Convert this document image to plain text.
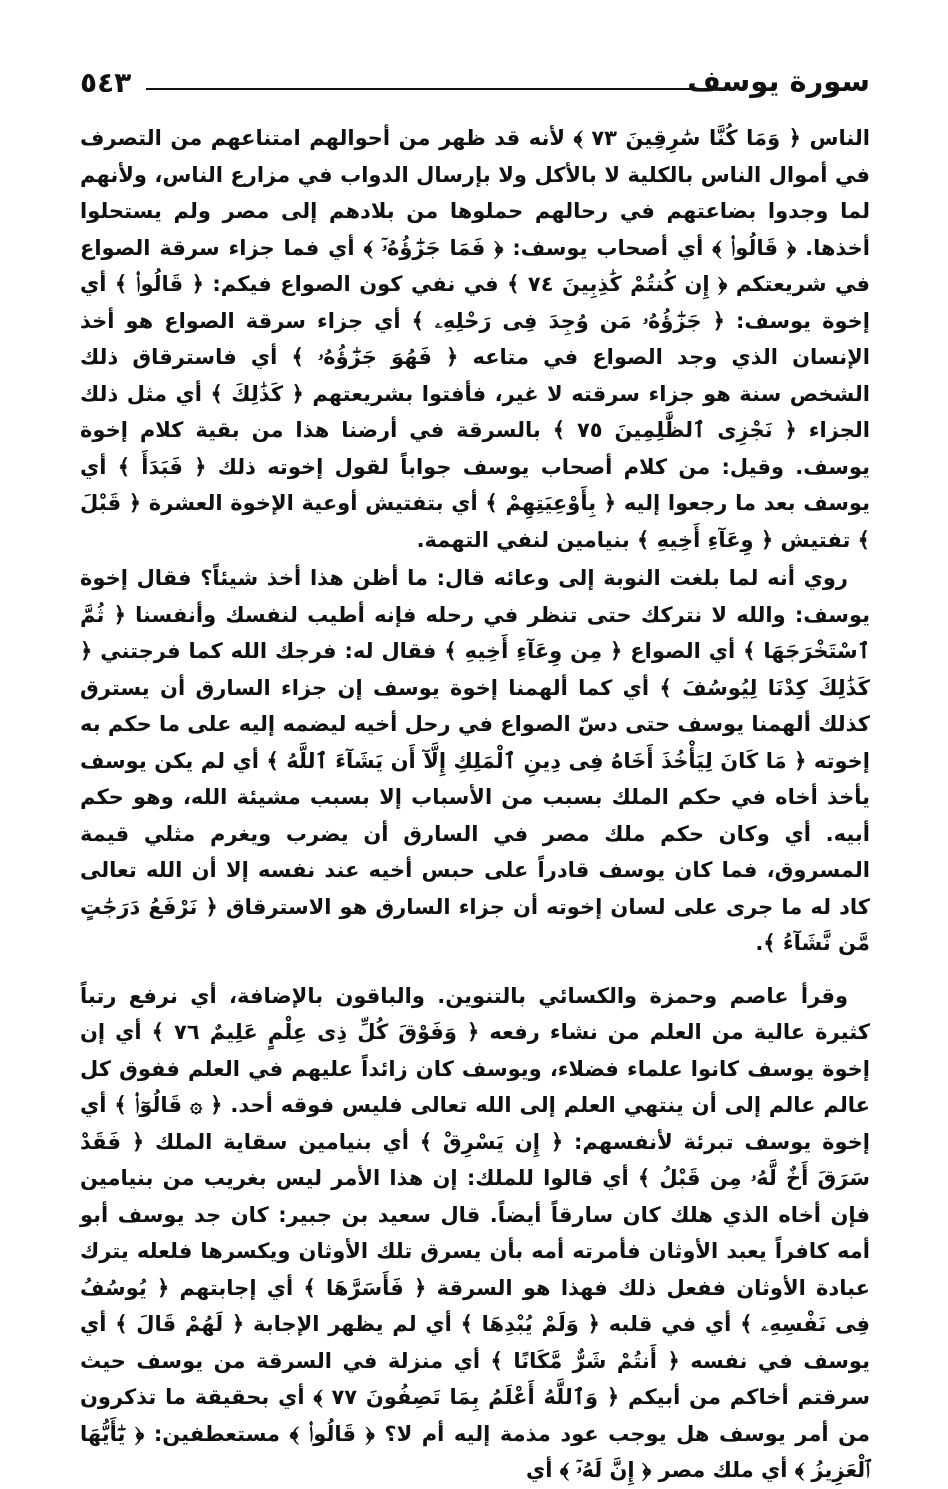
٥٤٣	سورة يوسف

الناس ﴿ وَمَا كُنَّا سَٰرِقِينَ ٧٣ ﴾ لأنه قد ظهر من أحوالهم امتناعهم من التصرف في أموال الناس بالكلية لا بالأكل ولا بإرسال الدواب في مزارع الناس، ولأنهم لما وجدوا بضاعتهم في رحالهم حملوها من بلادهم إلى مصر ولم يستحلوا أخذها. ﴿ قَالُوا۟ ﴾ أي أصحاب يوسف: ﴿ فَمَا جَزَٰٓؤُهُۥٓ ﴾ أي فما جزاء سرقة الصواع في شريعتكم ﴿ إِن كُنتُمْ كَٰذِبِينَ ٧٤ ﴾ في نفي كون الصواع فيكم: ﴿ قَالُوا۟ ﴾ أي إخوة يوسف: ﴿ جَزَٰٓؤُهُۥ مَن وُجِدَ فِى رَحْلِهِۦ ﴾ أي جزاء سرقة الصواع هو أخذ الإنسان الذي وجد الصواع في متاعه ﴿ فَهُوَ جَزَٰٓؤُهُۥ ﴾ أي فاسترقاق ذلك الشخص سنة هو جزاء سرقته لا غير، فأفتوا بشريعتهم ﴿ كَذَٰلِكَ ﴾ أي مثل ذلك الجزاء ﴿ نَجْزِى ٱلظَّٰلِمِينَ ٧٥ ﴾ بالسرقة في أرضنا هذا من بقية كلام إخوة يوسف. وقيل: من كلام أصحاب يوسف جواباً لقول إخوته ذلك ﴿ فَبَدَأَ ﴾ أي يوسف بعد ما رجعوا إليه ﴿ بِأَوْعِيَتِهِمْ ﴾ أي بتفتيش أوعية الإخوة العشرة ﴿ قَبْلَ ﴾ تفتيش ﴿ وِعَآءِ أَخِيهِ ﴾ بنيامين لنفي التهمة.

روي أنه لما بلغت النوبة إلى وعائه قال: ما أظن هذا أخذ شيئاً؟ فقال إخوة يوسف: والله لا نتركك حتى تنظر في رحله فإنه أطيب لنفسك وأنفسنا ﴿ ثُمَّ ٱسْتَخْرَجَهَا ﴾ أي الصواع ﴿ مِن وِعَآءِ أَخِيهِ ﴾ فقال له: فرجك الله كما فرجتني ﴿ كَذَٰلِكَ كِدْنَا لِيُوسُفَ ﴾ أي كما ألهمنا إخوة يوسف إن جزاء السارق أن يسترق كذلك ألهمنا يوسف حتى دسّ الصواع في رحل أخيه ليضمه إليه على ما حكم به إخوته ﴿ مَا كَانَ لِيَأْخُذَ أَخَاهُ فِى دِينِ ٱلْمَلِكِ إِلَّآ أَن يَشَآءَ ٱللَّهُ ﴾ أي لم يكن يوسف يأخذ أخاه في حكم الملك بسبب من الأسباب إلا بسبب مشيئة الله، وهو حكم أبيه. أي وكان حكم ملك مصر في السارق أن يضرب ويغرم مثلي قيمة المسروق، فما كان يوسف قادراً على حبس أخيه عند نفسه إلا أن الله تعالى كاد له ما جرى على لسان إخوته أن جزاء السارق هو الاسترقاق ﴿ نَرْفَعُ دَرَجَٰتٍ مَّن نَّشَآءُ ﴾.

وقرأ عاصم وحمزة والكسائي بالتنوين. والباقون بالإضافة، أي نرفع رتباً كثيرة عالية من العلم من نشاء رفعه ﴿ وَفَوْقَ كُلِّ ذِى عِلْمٍ عَلِيمٌ ٧٦ ﴾ أي إن إخوة يوسف كانوا علماء فضلاء، ويوسف كان زائداً عليهم في العلم ففوق كل عالم عالم إلى أن ينتهي العلم إلى الله تعالى فليس فوقه أحد. ﴿ ۞ قَالُوٓا۟ ﴾ أي إخوة يوسف تبرئة لأنفسهم: ﴿ إِن يَسْرِقْ ﴾ أي بنيامين سقاية الملك ﴿ فَقَدْ سَرَقَ أَخٌ لَّهُۥ مِن قَبْلُ ﴾ أي قالوا للملك: إن هذا الأمر ليس بغريب من بنيامين فإن أخاه الذي هلك كان سارقاً أيضاً. قال سعيد بن جبير: كان جد يوسف أبو أمه كافراً يعبد الأوثان فأمرته أمه بأن يسرق تلك الأوثان ويكسرها فلعله يترك عبادة الأوثان ففعل ذلك فهذا هو السرقة ﴿ فَأَسَرَّهَا ﴾ أي إجابتهم ﴿ يُوسُفُ فِى نَفْسِهِۦ ﴾ أي في قلبه ﴿ وَلَمْ يُبْدِهَا ﴾ أي لم يظهر الإجابة ﴿ لَهُمْ قَالَ ﴾ أي يوسف في نفسه ﴿ أَنتُمْ شَرٌّ مَّكَانًا ﴾ أي منزلة في السرقة من يوسف حيث سرقتم أخاكم من أبيكم ﴿ وَٱللَّهُ أَعْلَمُ بِمَا تَصِفُونَ ٧٧ ﴾ أي بحقيقة ما تذكرون من أمر يوسف هل يوجب عود مذمة إليه أم لا؟ ﴿ قَالُوا۟ ﴾ مستعطفين: ﴿ يَٰٓأَيُّهَا ٱلْعَزِيزُ ﴾ أي ملك مصر ﴿ إِنَّ لَهُۥٓ ﴾ أي
